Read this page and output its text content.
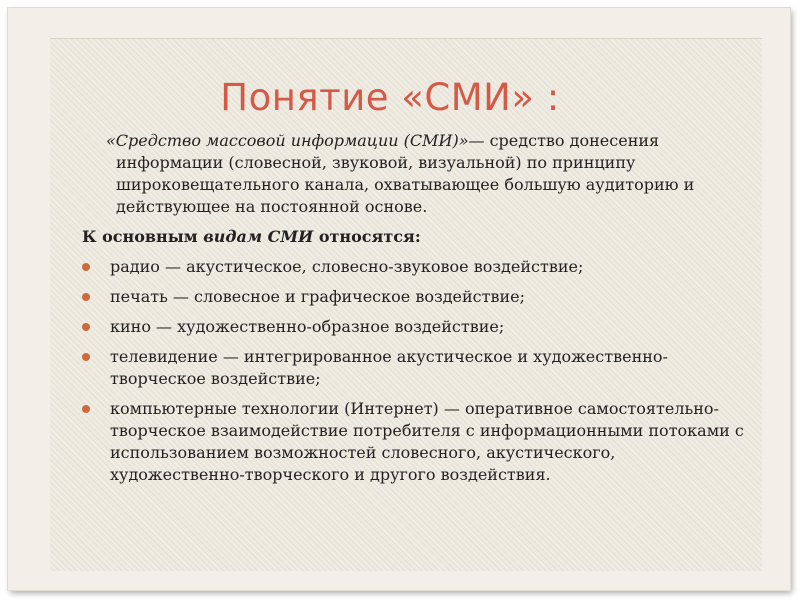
Понятие «СМИ» :

«Средство массовой информации (СМИ)»— средство донесения информации (словесной, звуковой, визуальной) по принципу широковещательного канала, охватывающее большую аудиторию и действующее на постоянной основе.

К основным видам СМИ относятся:

радио — акустическое, словесно-звуковое воздействие;
печать — словесное и графическое воздействие;
кино — художественно-образное воздействие;
телевидение — интегрированное акустическое и художественно- творческое воздействие;
компьютерные технологии (Интернет) — оперативное самостоятельно-творческое взаимодействие потребителя с информационными потоками с использованием возможностей словесного, акустического, художественно-творческого и другого воздействия.
